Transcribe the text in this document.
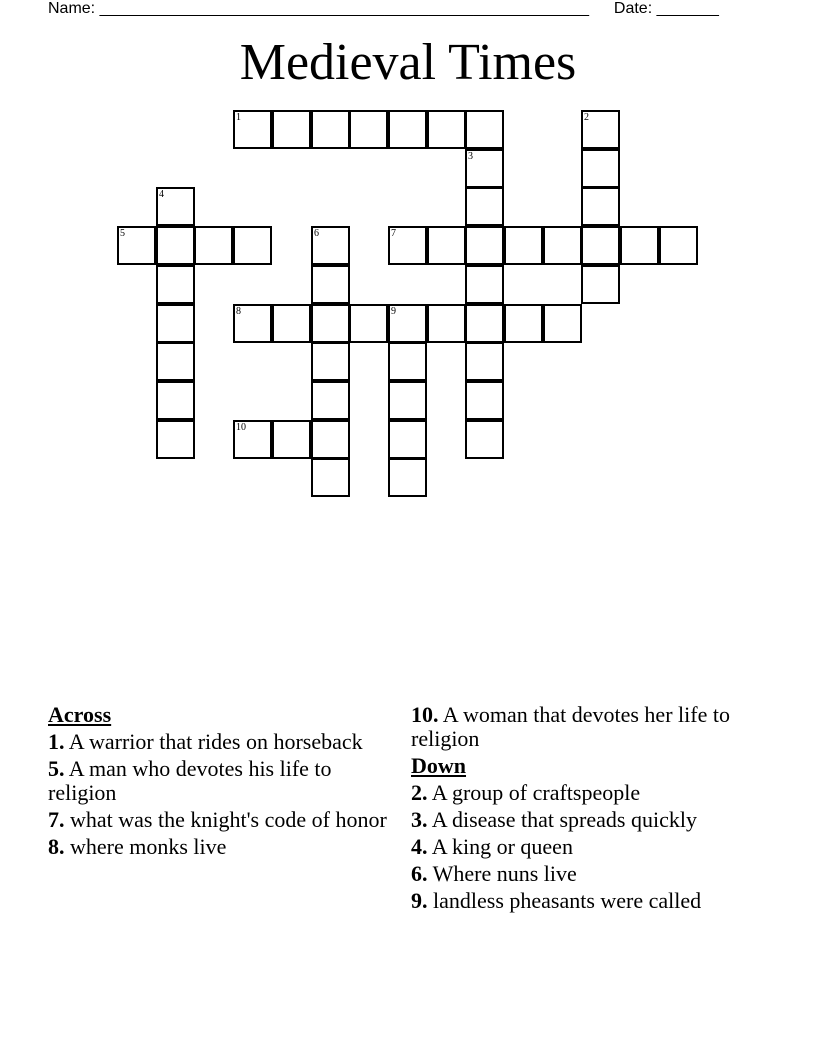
Name: _______________________________________________________ Date: _______
Medieval Times
1	2
3
4
5	6	7
8	9
10
Across
1. A warrior that rides on horseback
5. A man who devotes his life to religion
7. what was the knight's code of honor
8. where monks live
10. A woman that devotes her life to religion
Down
2. A group of craftspeople
3. A disease that spreads quickly
4. A king or queen
6. Where nuns live
9. landless pheasants were called
